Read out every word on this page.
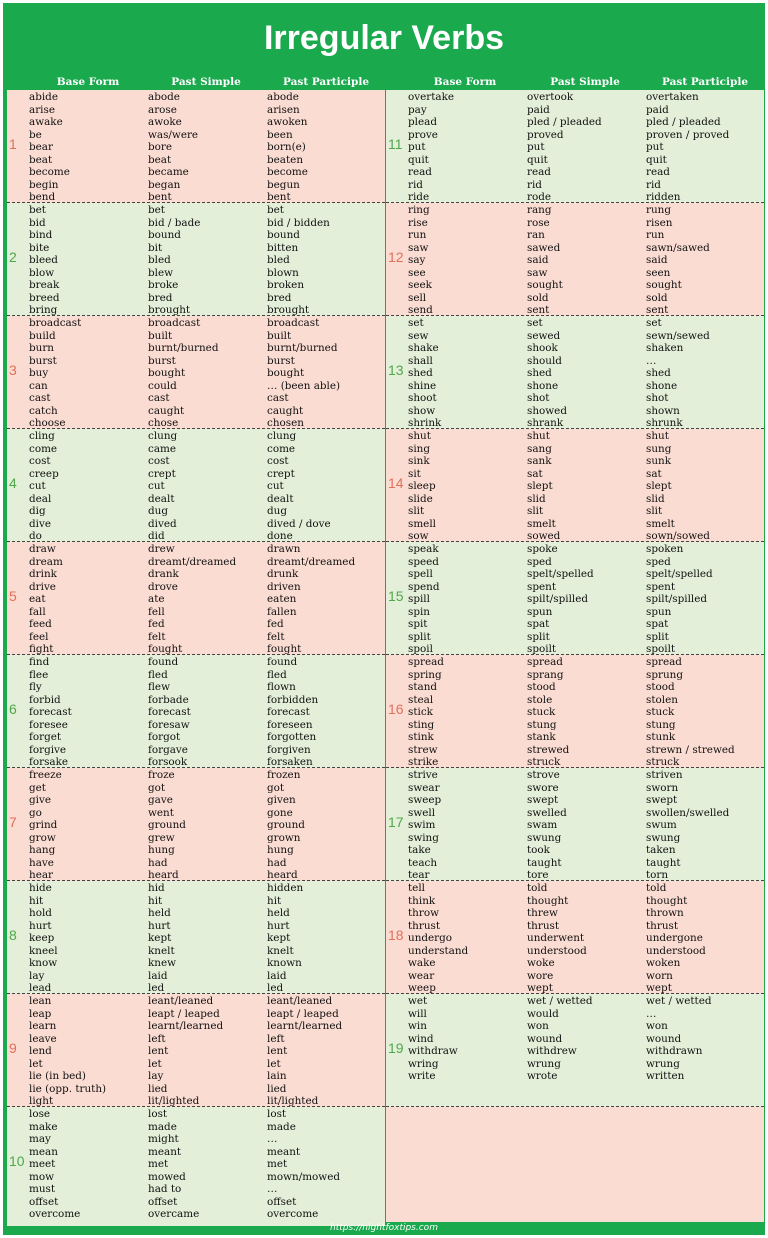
Irregular Verbs
Base Form	Past Simple	Past Participle	Base Form	Past Simple	Past Participle
1
abide	abode	abode
arise	arose	arisen
awake	awoke	awoken
be	was/were	been
bear	bore	born(e)
beat	beat	beaten
become	became	become
begin	began	begun
bend	bent	bent
2
bet	bet	bet
bid	bid / bade	bid / bidden
bind	bound	bound
bite	bit	bitten
bleed	bled	bled
blow	blew	blown
break	broke	broken
breed	bred	bred
bring	brought	brought
3
broadcast	broadcast	broadcast
build	built	built
burn	burnt/burned	burnt/burned
burst	burst	burst
buy	bought	bought
can	could	… (been able)
cast	cast	cast
catch	caught	caught
choose	chose	chosen
4
cling	clung	clung
come	came	come
cost	cost	cost
creep	crept	crept
cut	cut	cut
deal	dealt	dealt
dig	dug	dug
dive	dived	dived / dove
do	did	done
5
draw	drew	drawn
dream	dreamt/dreamed	dreamt/dreamed
drink	drank	drunk
drive	drove	driven
eat	ate	eaten
fall	fell	fallen
feed	fed	fed
feel	felt	felt
fight	fought	fought
6
find	found	found
flee	fled	fled
fly	flew	flown
forbid	forbade	forbidden
forecast	forecast	forecast
foresee	foresaw	foreseen
forget	forgot	forgotten
forgive	forgave	forgiven
forsake	forsook	forsaken
7
freeze	froze	frozen
get	got	got
give	gave	given
go	went	gone
grind	ground	ground
grow	grew	grown
hang	hung	hung
have	had	had
hear	heard	heard
8
hide	hid	hidden
hit	hit	hit
hold	held	held
hurt	hurt	hurt
keep	kept	kept
kneel	knelt	knelt
know	knew	known
lay	laid	laid
lead	led	led
9
lean	leant/leaned	leant/leaned
leap	leapt / leaped	leapt / leaped
learn	learnt/learned	learnt/learned
leave	left	left
lend	lent	lent
let	let	let
lie (in bed)	lay	lain
lie (opp. truth)	lied	lied
light	lit/lighted	lit/lighted
10
lose	lost	lost
make	made	made
may	might	…
mean	meant	meant
meet	met	met
mow	mowed	mown/mowed
must	had to	…
offset	offset	offset
overcome	overcame	overcome
11
overtake	overtook	overtaken
pay	paid	paid
plead	pled / pleaded	pled / pleaded
prove	proved	proven / proved
put	put	put
quit	quit	quit
read	read	read
rid	rid	rid
ride	rode	ridden
12
ring	rang	rung
rise	rose	risen
run	ran	run
saw	sawed	sawn/sawed
say	said	said
see	saw	seen
seek	sought	sought
sell	sold	sold
send	sent	sent
13
set	set	set
sew	sewed	sewn/sewed
shake	shook	shaken
shall	should	…
shed	shed	shed
shine	shone	shone
shoot	shot	shot
show	showed	shown
shrink	shrank	shrunk
14
shut	shut	shut
sing	sang	sung
sink	sank	sunk
sit	sat	sat
sleep	slept	slept
slide	slid	slid
slit	slit	slit
smell	smelt	smelt
sow	sowed	sown/sowed
15
speak	spoke	spoken
speed	sped	sped
spell	spelt/spelled	spelt/spelled
spend	spent	spent
spill	spilt/spilled	spilt/spilled
spin	spun	spun
spit	spat	spat
split	split	split
spoil	spoilt	spoilt
16
spread	spread	spread
spring	sprang	sprung
stand	stood	stood
steal	stole	stolen
stick	stuck	stuck
sting	stung	stung
stink	stank	stunk
strew	strewed	strewn / strewed
strike	struck	struck
17
strive	strove	striven
swear	swore	sworn
sweep	swept	swept
swell	swelled	swollen/swelled
swim	swam	swum
swing	swung	swung
take	took	taken
teach	taught	taught
tear	tore	torn
18
tell	told	told
think	thought	thought
throw	threw	thrown
thrust	thrust	thrust
undergo	underwent	undergone
understand	understood	understood
wake	woke	woken
wear	wore	worn
weep	wept	wept
19
wet	wet / wetted	wet / wetted
will	would	…
win	won	won
wind	wound	wound
withdraw	withdrew	withdrawn
wring	wrung	wrung
write	wrote	written
https://nightfoxtips.com
